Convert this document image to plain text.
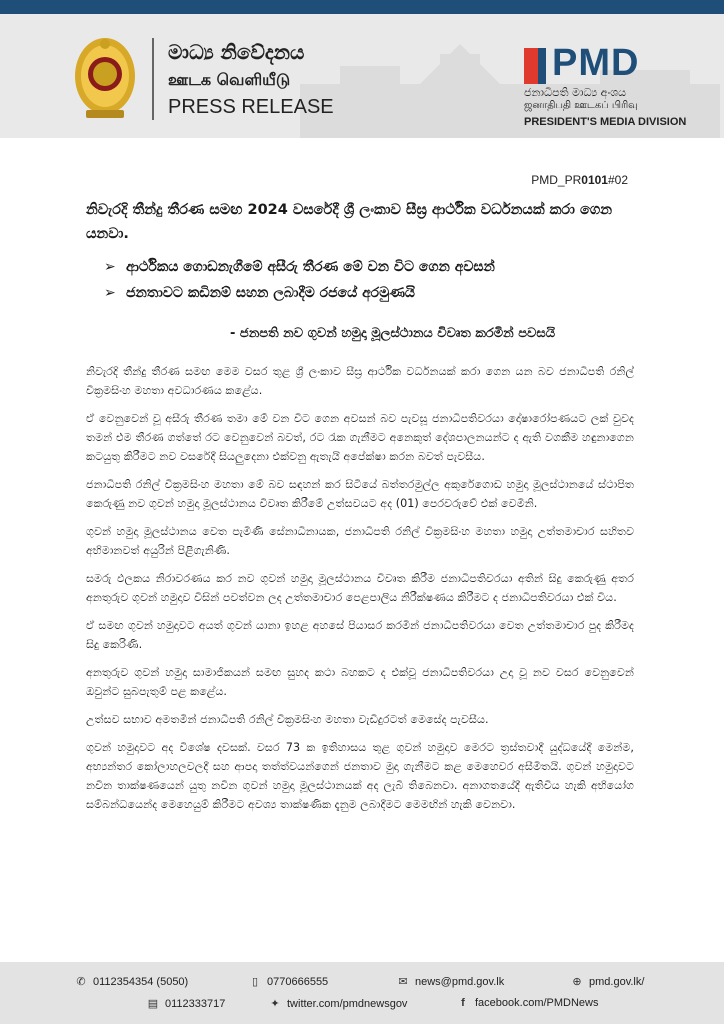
මාධ්‍ය නිවේදනය
ஊடக வெளியீடு
PRESS RELEASE
PMD
ජනාධිපති මාධ්‍ය අංශය
ஜனாதிபதி ஊடகப் பிரிவு
PRESIDENT'S MEDIA DIVISION
PMD_PR0101#02
නිවැරදි තීන්දු තීරණ සමඟ 2024 වසරේදී ශ්‍රී ලංකාව සීඝ්‍ර ආර්ථික වර්ධනයක් කරා ගෙන යනවා.
➢ ආර්ථිකය ගොඩනැගීමේ අසීරු තීරණ මේ වන විට ගෙන අවසන්
➢ ජනතාවට කඩිනම් සහන ලබාදීම රජයේ අරමුණයි
- ජනපති නව ගුවන් හමුදා මූලස්ථානය විවෘත කරමින් පවසයි

නිවැරදි තීන්දු තීරණ සමඟ මෙම වසර තුළ ශ්‍රී ලංකාව සීඝ්‍ර ආර්ථික වර්ධනයක් කරා ගෙන යන බව ජනාධිපති රනිල් වික්‍රමසිංහ මහතා අවධාරණය කළේය.

ඒ වෙනුවෙන් වූ අසීරු තීරණ තමා මේ වන විට ගෙන අවසන් බව පැවසූ ජනාධිපතිවරයා දෝෂාරෝපණයට ලක් වුවද තමන් එම තීරණ ගත්තේ රට වෙනුවෙන් බවත්, රට රැක ගැනීමට අනෙකුත් දේශපාලනයන්ට ද ඇති වගකීම හඳුනාගෙන කටයුතු කිරීමට නව වසරේදී සියලුදෙනා එක්වනු ඇතැයි අපේක්ෂා කරන බවත් පැවසීය.

ජනාධිපති රනිල් වික්‍රමසිංහ මහතා මේ බව සඳහන් කර සිටියේ බත්තරමුල්ල අකුරේගොඩ හමුදා මූලස්ථානයේ ස්ථාපිත කෙරුණු නව ගුවන් හමුදා මූලස්ථානය විවෘත කිරීමේ උත්සවයට අද (01) පෙරවරුවේ එක් වෙමිනි.

ගුවන් හමුදා මූලස්ථානය වෙත පැමිණි සේනාධිනායක, ජනාධිපති රනිල් වික්‍රමසිංහ මහතා හමුදා උත්තමාචාර සහිතව අභිමානවත් අයුරින් පිළිගැනිණි.

සමරු ඵලකය නිරාවරණය කර නව ගුවන් හමුදා මූලස්ථානය විවෘත කිරීම ජනාධිපතිවරයා අතින් සිදු කෙරුණු අතර අනතුරුව ගුවන් හමුදාව විසින් පවත්වන ලද උත්තමාචාර පෙළපාලිය නිරීක්ෂණය කිරීමට ද ජනාධිපතිවරයා එක් විය.

ඒ සමඟ ගුවන් හමුදාවට අයත් ගුවන් යානා ඉහළ අහසේ පියාසර කරමින් ජනාධිපතිවරයා වෙත උත්තමාචාර පුද කිරීමද සිදු කෙරිණි.

අනතුරුව ගුවන් හමුදා සාමාජිකයන් සමඟ සුහද කථා බහකට ද එක්වූ ජනාධිපතිවරයා උදා වූ නව වසර වෙනුවෙන් ඔවුන්ට සුබපැතුම් පළ කළේය.

උත්සව සභාව අමතමින් ජනාධිපති රනිල් වික්‍රමසිංහ මහතා වැඩිදුරටත් මෙසේද පැවසීය.

ගුවන් හමුදාවට අද විශේෂ දවසක්. වසර 73 ක ඉතිහාසය තුළ ගුවන් හමුදාව මෙරට ත්‍රස්තවාදී යුද්ධයේදී මෙන්ම, අභ්‍යන්තර කෝලාහලවලදී සහ ආපදා තත්ත්වයන්ගෙන් ජනතාව මුදා ගැනීමට කළ මෙහෙවර අසීමිතයි. ගුවන් හමුදාවට නවීන තාක්ෂණයෙන් යුතු නවීන ගුවන් හමුදා මූලස්ථානයක් අද ලැබී තිබෙනවා. අනාගතයේදී ඇතිවිය හැකි අභියෝග සම්බන්ධයෙන්ද මෙහෙයුම් කිරීමට අවශ්‍ය තාක්ෂණික දැනුම ලබාදීමට මෙමඟින් හැකි වෙනවා.

✆ 0112354354 (5050)	▯ 0770666555	✉ news@pmd.gov.lk	⊕ pmd.gov.lk/
▤ 0112333717	✦ twitter.com/pmdnewsgov	f facebook.com/PMDNews
